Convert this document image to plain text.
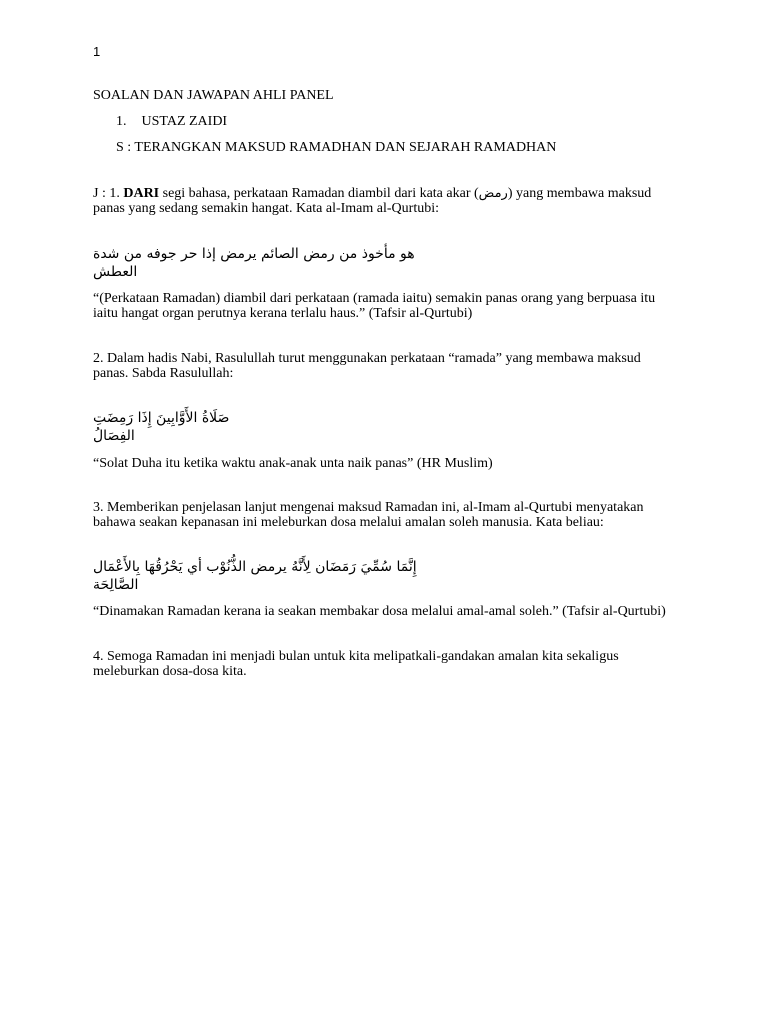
1
SOALAN DAN JAWAPAN AHLI PANEL
1. USTAZ ZAIDI
S : TERANGKAN MAKSUD RAMADHAN DAN SEJARAH RAMADHAN
J : 1. DARI segi bahasa, perkataan Ramadan diambil dari kata akar (رمض) yang membawa maksud
panas yang sedang semakin hangat. Kata al-Imam al-Qurtubi:
هو مأخوذ من رمض الصائم يرمض إذا حر جوفه من شدة العطش
“(Perkataan Ramadan) diambil dari perkataan (ramada iaitu) semakin panas orang yang berpuasa itu
iaitu hangat organ perutnya kerana terlalu haus.” (Tafsir al-Qurtubi)
2. Dalam hadis Nabi, Rasulullah turut menggunakan perkataan “ramada” yang membawa maksud
panas. Sabda Rasulullah:
صَلَاةُ الأَوَّابِينَ إِذَا رَمِضَتِ الفِصَالُ
“Solat Duha itu ketika waktu anak-anak unta naik panas” (HR Muslim)
3. Memberikan penjelasan lanjut mengenai maksud Ramadan ini, al-Imam al-Qurtubi menyatakan
bahawa seakan kepanasan ini meleburkan dosa melalui amalan soleh manusia. Kata beliau:
إِنَّمَا سُمِّيَ رَمَضَان لِأَنَّهُ يرمض الذُّنُوْب أي يَحْرُقُهَا بِالأَعْمَال الصَّالِحَة
“Dinamakan Ramadan kerana ia seakan membakar dosa melalui amal-amal soleh.” (Tafsir al-Qurtubi)
4. Semoga Ramadan ini menjadi bulan untuk kita melipatkali-gandakan amalan kita sekaligus
meleburkan dosa-dosa kita.
